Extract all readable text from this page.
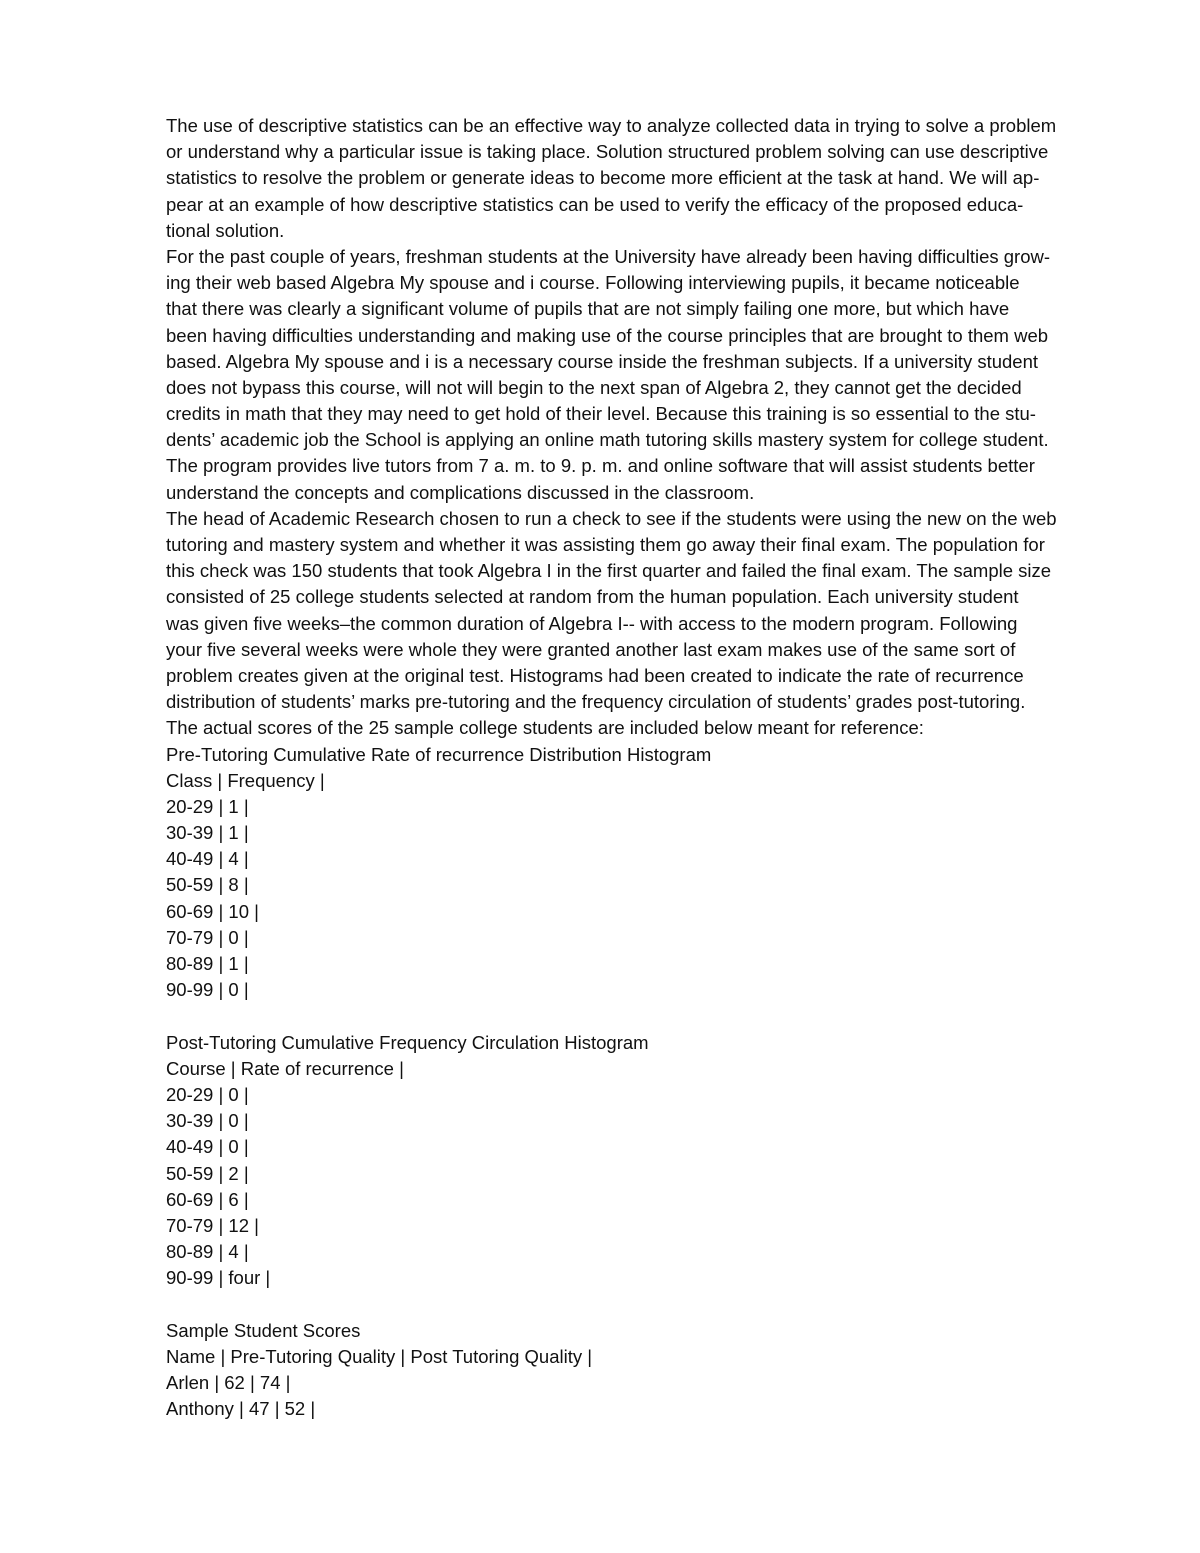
The use of descriptive statistics can be an effective way to analyze collected data in trying to solve a problem
or understand why a particular issue is taking place. Solution structured problem solving can use descriptive
statistics to resolve the problem or generate ideas to become more efficient at the task at hand. We will ap-
pear at an example of how descriptive statistics can be used to verify the efficacy of the proposed educa-
tional solution.
For the past couple of years, freshman students at the University have already been having difficulties grow-
ing their web based Algebra My spouse and i course. Following interviewing pupils, it became noticeable
that there was clearly a significant volume of pupils that are not simply failing one more, but which have
been having difficulties understanding and making use of the course principles that are brought to them web
based. Algebra My spouse and i is a necessary course inside the freshman subjects. If a university student
does not bypass this course, will not will begin to the next span of Algebra 2, they cannot get the decided
credits in math that they may need to get hold of their level. Because this training is so essential to the stu-
dents’ academic job the School is applying an online math tutoring skills mastery system for college student.
The program provides live tutors from 7 a. m. to 9. p. m. and online software that will assist students better
understand the concepts and complications discussed in the classroom.
The head of Academic Research chosen to run a check to see if the students were using the new on the web
tutoring and mastery system and whether it was assisting them go away their final exam. The population for
this check was 150 students that took Algebra I in the first quarter and failed the final exam. The sample size
consisted of 25 college students selected at random from the human population. Each university student
was given five weeks–the common duration of Algebra I-- with access to the modern program. Following
your five several weeks were whole they were granted another last exam makes use of the same sort of
problem creates given at the original test. Histograms had been created to indicate the rate of recurrence
distribution of students’ marks pre-tutoring and the frequency circulation of students’ grades post-tutoring.
The actual scores of the 25 sample college students are included below meant for reference:
Pre-Tutoring Cumulative Rate of recurrence Distribution Histogram
Class | Frequency |
20-29 | 1 |
30-39 | 1 |
40-49 | 4 |
50-59 | 8 |
60-69 | 10 |
70-79 | 0 |
80-89 | 1 |
90-99 | 0 |
Post-Tutoring Cumulative Frequency Circulation Histogram
Course | Rate of recurrence |
20-29 | 0 |
30-39 | 0 |
40-49 | 0 |
50-59 | 2 |
60-69 | 6 |
70-79 | 12 |
80-89 | 4 |
90-99 | four |
Sample Student Scores
Name | Pre-Tutoring Quality | Post Tutoring Quality |
Arlen | 62 | 74 |
Anthony | 47 | 52 |
